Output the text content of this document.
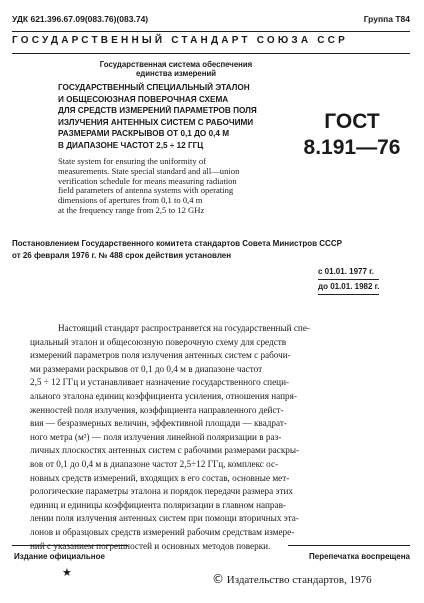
УДК 621.396.67.09(083.76)(083.74)	Группа Т84
ГОСУДАРСТВЕННЫЙ СТАНДАРТ СОЮЗА ССР
Государственная система обеспечения
единства измерений
ГОСУДАРСТВЕННЫЙ СПЕЦИАЛЬНЫЙ ЭТАЛОН
И ОБЩЕСОЮЗНАЯ ПОВЕРОЧНАЯ СХЕМА
ДЛЯ СРЕДСТВ ИЗМЕРЕНИЙ ПАРАМЕТРОВ ПОЛЯ
ИЗЛУЧЕНИЯ АНТЕННЫХ СИСТЕМ С РАБОЧИМИ
РАЗМЕРАМИ РАСКРЫВОВ ОТ 0,1 ДО 0,4 М
В ДИАПАЗОНЕ ЧАСТОТ 2,5 ÷ 12 ГГЦ
ГОСТ
8.191—76
State system for ensuring the uniformity of
measurements. State special standard and all—union
verification schedule for means measuring radiation
field parameters of antenna systems with operating
dimensions of apertures from 0,1 to 0,4 m
at the frequency range from 2,5 to 12 GHz
Постановлением Государственного комитета стандартов Совета Министров СССР
от 26 февраля 1976 г. № 488 срок действия установлен
с 01.01. 1977 г.
до 01.01. 1982 г.
Настоящий стандарт распространяется на государственный спе-
циальный эталон и общесоюзную поверочную схему для средств
измерений параметров поля излучения антенных систем с рабочи-
ми размерами раскрывов от 0,1 до 0,4 м в диапазоне частот
2,5 ÷ 12 ГГц и устанавливает назначение государственного специ-
ального эталона единиц коэффициента усиления, отношения напря-
женностей поля излучения, коэффициента направленного дейст-
вия — безразмерных величин, эффективной площади — квадрат-
ного метра (м²) — поля излучения линейной поляризации в раз-
личных плоскостях антенных систем с рабочими размерами раскры-
вов от 0,1 до 0,4 м в диапазоне частот 2,5÷12 ГГц, комплекс ос-
новных средств измерений, входящих в его состав, основные мет-
рологические параметры эталона и порядок передачи размера этих
единиц и единицы коэффициента поляризации в главном направ-
лении поля излучения антенных систем при помощи вторичных эта-
лонов и образцовых средств измерений рабочим средствам измере-
ний с указанием погрешностей и основных методов поверки.
Издание официальное	Перепечатка воспрещена
★	© Издательство стандартов, 1976
